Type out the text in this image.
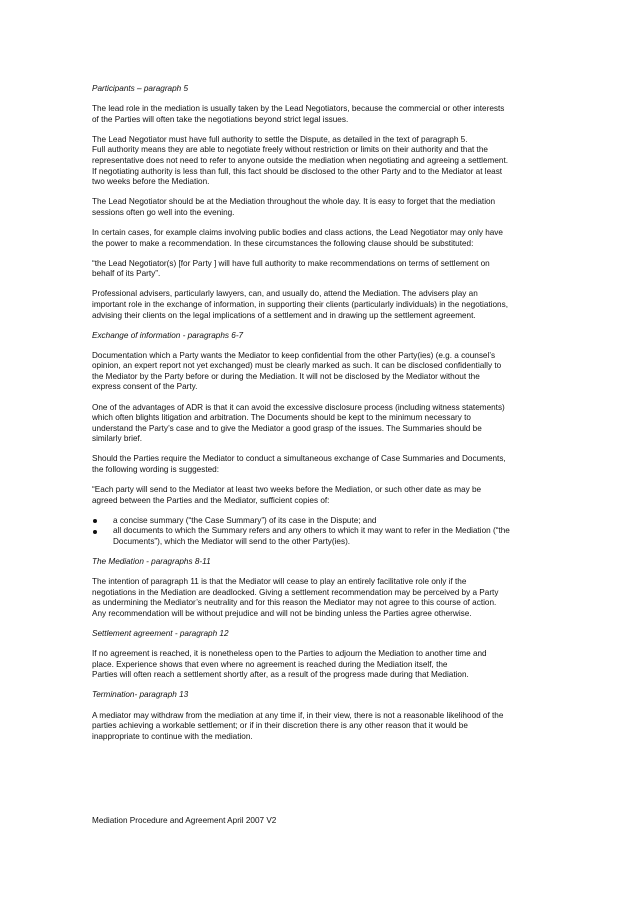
Participants – paragraph 5
The lead role in the mediation is usually taken by the Lead Negotiators, because the commercial or other interests
of the Parties will often take the negotiations beyond strict legal issues.
The Lead Negotiator must have full authority to settle the Dispute, as detailed in the text of paragraph 5.
Full authority means they are able to negotiate freely without restriction or limits on their authority and that the
representative does not need to refer to anyone outside the mediation when negotiating and agreeing a settlement.
If negotiating authority is less than full, this fact should be disclosed to the other Party and to the Mediator at least
two weeks before the Mediation.
The Lead Negotiator should be at the Mediation throughout the whole day. It is easy to forget that the mediation
sessions often go well into the evening.
In certain cases, for example claims involving public bodies and class actions, the Lead Negotiator may only have
the power to make a recommendation. In these circumstances the following clause should be substituted:
“the Lead Negotiator(s) [for Party ] will have full authority to make recommendations on terms of settlement on
behalf of its Party”.
Professional advisers, particularly lawyers, can, and usually do, attend the Mediation. The advisers play an
important role in the exchange of information, in supporting their clients (particularly individuals) in the negotiations,
advising their clients on the legal implications of a settlement and in drawing up the settlement agreement.
Exchange of information - paragraphs 6-7
Documentation which a Party wants the Mediator to keep confidential from the other Party(ies) (e.g. a counsel’s
opinion, an expert report not yet exchanged) must be clearly marked as such. It can be disclosed confidentially to
the Mediator by the Party before or during the Mediation. It will not be disclosed by the Mediator without the
express consent of the Party.
One of the advantages of ADR is that it can avoid the excessive disclosure process (including witness statements)
which often blights litigation and arbitration. The Documents should be kept to the minimum necessary to
understand the Party’s case and to give the Mediator a good grasp of the issues. The Summaries should be
similarly brief.
Should the Parties require the Mediator to conduct a simultaneous exchange of Case Summaries and Documents,
the following wording is suggested:
“Each party will send to the Mediator at least two weeks before the Mediation, or such other date as may be
agreed between the Parties and the Mediator, sufficient copies of:
a concise summary (“the Case Summary”) of its case in the Dispute; and
all documents to which the Summary refers and any others to which it may want to refer in the Mediation (“the
Documents”), which the Mediator will send to the other Party(ies).
The Mediation - paragraphs 8-11
The intention of paragraph 11 is that the Mediator will cease to play an entirely facilitative role only if the
negotiations in the Mediation are deadlocked. Giving a settlement recommendation may be perceived by a Party
as undermining the Mediator’s neutrality and for this reason the Mediator may not agree to this course of action.
Any recommendation will be without prejudice and will not be binding unless the Parties agree otherwise.
Settlement agreement - paragraph 12
If no agreement is reached, it is nonetheless open to the Parties to adjourn the Mediation to another time and
place. Experience shows that even where no agreement is reached during the Mediation itself, the
Parties will often reach a settlement shortly after, as a result of the progress made during that Mediation.
Termination- paragraph 13
A mediator may withdraw from the mediation at any time if, in their view, there is not a reasonable likelihood of the
parties achieving a workable settlement; or if in their discretion there is any other reason that it would be
inappropriate to continue with the mediation.
Mediation Procedure and Agreement April 2007 V2
